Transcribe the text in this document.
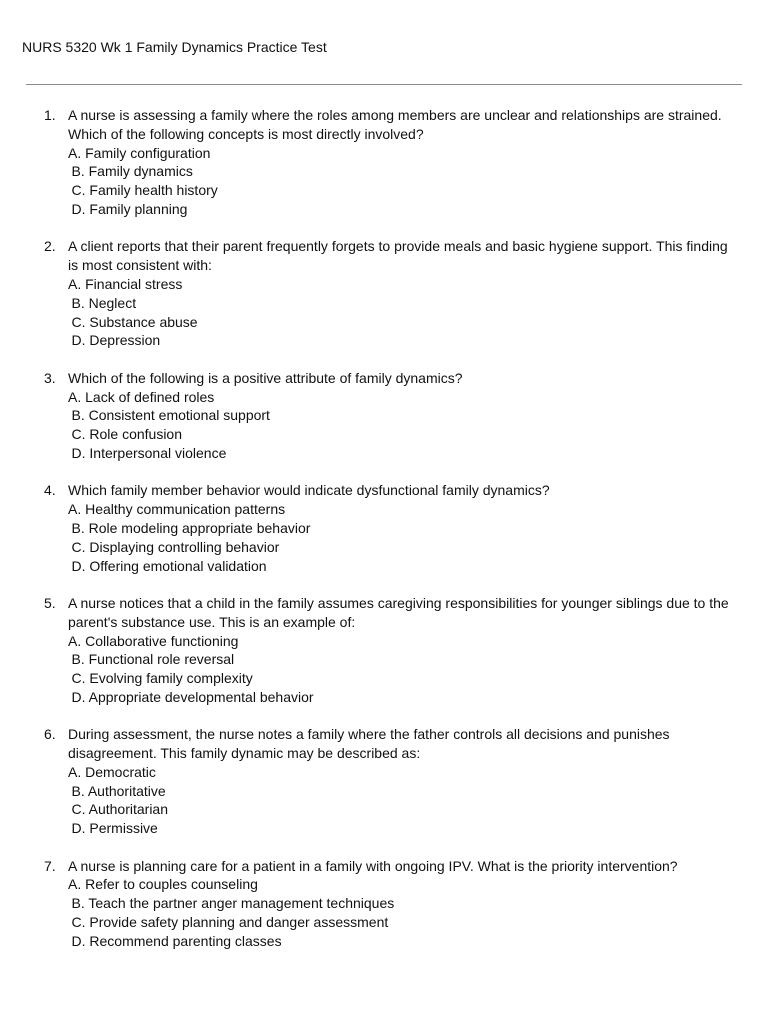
NURS 5320 Wk 1 Family Dynamics Practice Test
1. A nurse is assessing a family where the roles among members are unclear and relationships are strained. Which of the following concepts is most directly involved?
A. Family configuration
B. Family dynamics
C. Family health history
D. Family planning
2. A client reports that their parent frequently forgets to provide meals and basic hygiene support. This finding is most consistent with:
A. Financial stress
B. Neglect
C. Substance abuse
D. Depression
3. Which of the following is a positive attribute of family dynamics?
A. Lack of defined roles
B. Consistent emotional support
C. Role confusion
D. Interpersonal violence
4. Which family member behavior would indicate dysfunctional family dynamics?
A. Healthy communication patterns
B. Role modeling appropriate behavior
C. Displaying controlling behavior
D. Offering emotional validation
5. A nurse notices that a child in the family assumes caregiving responsibilities for younger siblings due to the parent's substance use. This is an example of:
A. Collaborative functioning
B. Functional role reversal
C. Evolving family complexity
D. Appropriate developmental behavior
6. During assessment, the nurse notes a family where the father controls all decisions and punishes disagreement. This family dynamic may be described as:
A. Democratic
B. Authoritative
C. Authoritarian
D. Permissive
7. A nurse is planning care for a patient in a family with ongoing IPV. What is the priority intervention?
A. Refer to couples counseling
B. Teach the partner anger management techniques
C. Provide safety planning and danger assessment
D. Recommend parenting classes
